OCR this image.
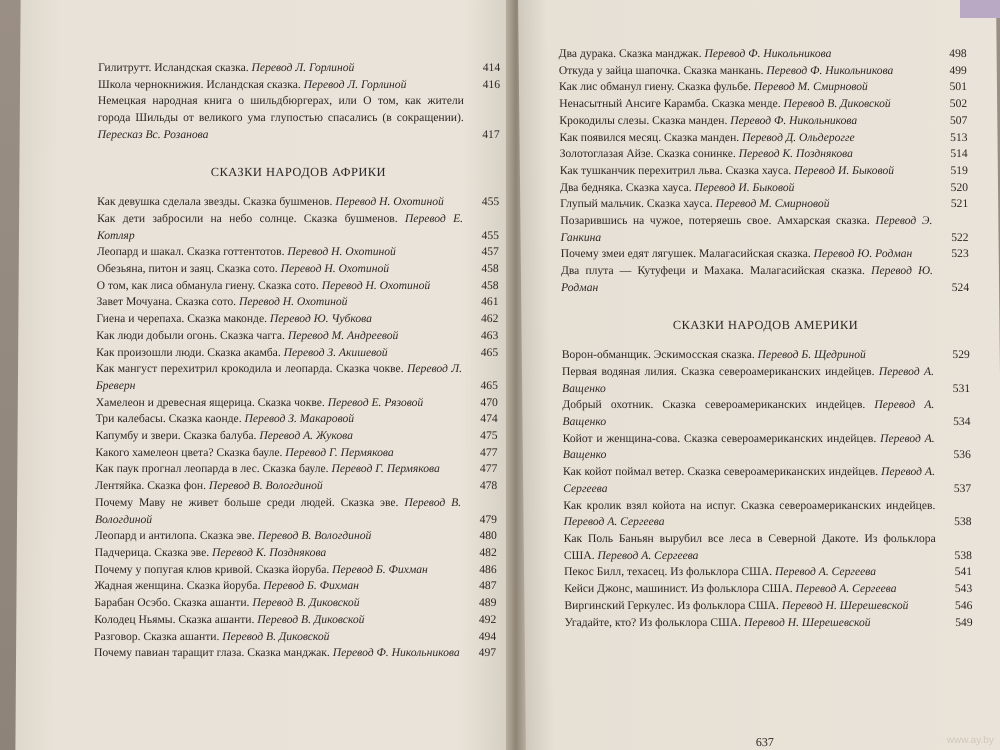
Гилитрутт. Исландская сказка. Перевод Л. Горлиной	414
Школа чернокнижия. Исландская сказка. Перевод Л. Горлиной	416
Немецкая народная книга о шильдбюргерах, или О том, как жители города Шильды от великого ума глупостью спасались (в сокращении). Пересказ Вс. Розанова	417
СКАЗКИ НАРОДОВ АФРИКИ
Как девушка сделала звезды. Сказка бушменов. Перевод Н. Охотиной	455
Как дети забросили на небо солнце. Сказка бушменов. Перевод Е. Котляр	455
Леопард и шакал. Сказка готтентотов. Перевод Н. Охотиной	457
Обезьяна, питон и заяц. Сказка сото. Перевод Н. Охотиной	458
О том, как лиса обманула гиену. Сказка сото. Перевод Н. Охотиной	458
Завет Мочуана. Сказка сото. Перевод Н. Охотиной	461
Гиена и черепаха. Сказка маконде. Перевод Ю. Чубкова	462
Как люди добыли огонь. Сказка чагга. Перевод М. Андреевой	463
Как произошли люди. Сказка акамба. Перевод З. Акишевой	465
Как мангуст перехитрил крокодила и леопарда. Сказка чокве. Перевод Л. Бреверн	465
Хамелеон и древесная ящерица. Сказка чокве. Перевод Е. Рязовой	470
Три калебасы. Сказка каонде. Перевод З. Макаровой	474
Капумбу и звери. Сказка балуба. Перевод А. Жукова	475
Какого хамелеон цвета? Сказка бауле. Перевод Г. Пермякова	477
Как паук прогнал леопарда в лес. Сказка бауле. Перевод Г. Пермякова	477
Лентяйка. Сказка фон. Перевод В. Вологдиной	478
Почему Маву не живет больше среди людей. Сказка эве. Перевод В. Вологдиной	479
Леопард и антилопа. Сказка эве. Перевод В. Вологдиной	480
Падчерица. Сказка эве. Перевод К. Позднякова	482
Почему у попугая клюв кривой. Сказка йоруба. Перевод Б. Фихман	486
Жадная женщина. Сказка йоруба. Перевод Б. Фихман	487
Барабан Осэбо. Сказка ашанти. Перевод В. Диковской	489
Колодец Ньямы. Сказка ашанти. Перевод В. Диковской	492
Разговор. Сказка ашанти. Перевод В. Диковской	494
Почему павиан таращит глаза. Сказка манджак. Перевод Ф. Никольникова	497
Два дурака. Сказка манджак. Перевод Ф. Никольникова	498
Откуда у зайца шапочка. Сказка манкань. Перевод Ф. Никольникова	499
Как лис обманул гиену. Сказка фульбе. Перевод М. Смирновой	501
Ненасытный Ансиге Карамба. Сказка менде. Перевод В. Диковской	502
Крокодилы слезы. Сказка манден. Перевод Ф. Никольникова	507
Как появился месяц. Сказка манден. Перевод Д. Ольдерогге	513
Золотоглазая Айзе. Сказка сонинке. Перевод К. Позднякова	514
Как тушканчик перехитрил льва. Сказка хауса. Перевод И. Быковой	519
Два бедняка. Сказка хауса. Перевод И. Быковой	520
Глупый мальчик. Сказка хауса. Перевод М. Смирновой	521
Позарившись на чужое, потеряешь свое. Амхарская сказка. Перевод Э. Ганкина	522
Почему змеи едят лягушек. Малагасийская сказка. Перевод Ю. Родман	523
Два плута — Кутуфеци и Махака. Малагасийская сказка. Перевод Ю. Родман	524
СКАЗКИ НАРОДОВ АМЕРИКИ
Ворон-обманщик. Эскимосская сказка. Перевод Б. Щедриной	529
Первая водяная лилия. Сказка североамериканских индейцев. Перевод А. Ващенко	531
Добрый охотник. Сказка североамериканских индейцев. Перевод А. Ващенко	534
Койот и женщина-сова. Сказка североамериканских индейцев. Перевод А. Ващенко	536
Как койот поймал ветер. Сказка североамериканских индейцев. Перевод А. Сергеева	537
Как кролик взял койота на испуг. Сказка североамериканских индейцев. Перевод А. Сергеева	538
Как Поль Баньян вырубил все леса в Северной Дакоте. Из фольклора США. Перевод А. Сергеева	538
Пекос Билл, техасец. Из фольклора США. Перевод А. Сергеева	541
Кейси Джонс, машинист. Из фольклора США. Перевод А. Сергеева	543
Виргинский Геркулес. Из фольклора США. Перевод Н. Шерешевской	546
Угадайте, кто? Из фольклора США. Перевод Н. Шерешевской	549
637	www.ay.by
